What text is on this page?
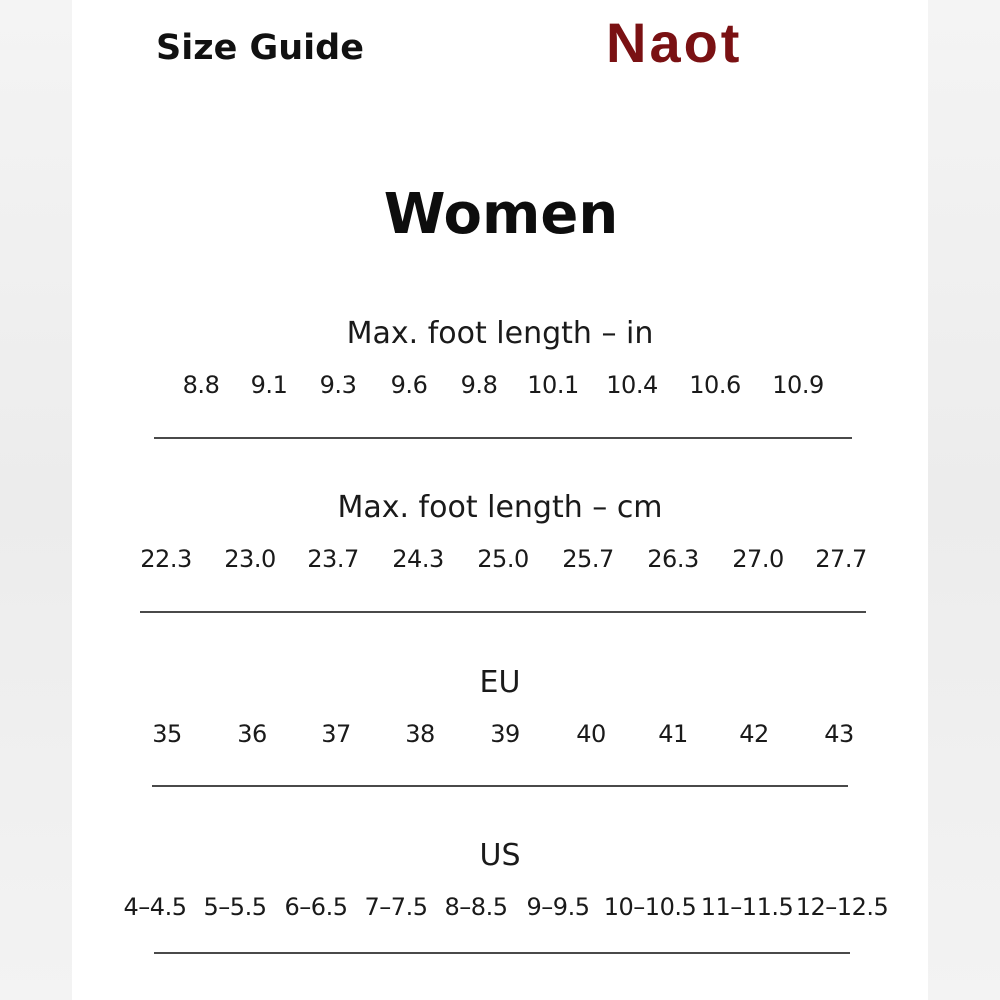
Size Guide	Naot
Women
Max. foot length – in
8.8 9.1 9.3 9.6 9.8 10.1 10.4 10.6 10.9
Max. foot length – cm
22.3 23.0 23.7 24.3 25.0 25.7 26.3 27.0 27.7
EU
35 36 37 38 39 40 41 42 43
US
4–4.5 5–5.5 6–6.5 7–7.5 8–8.5 9–9.5 10–10.5 11–11.5 12–12.5
